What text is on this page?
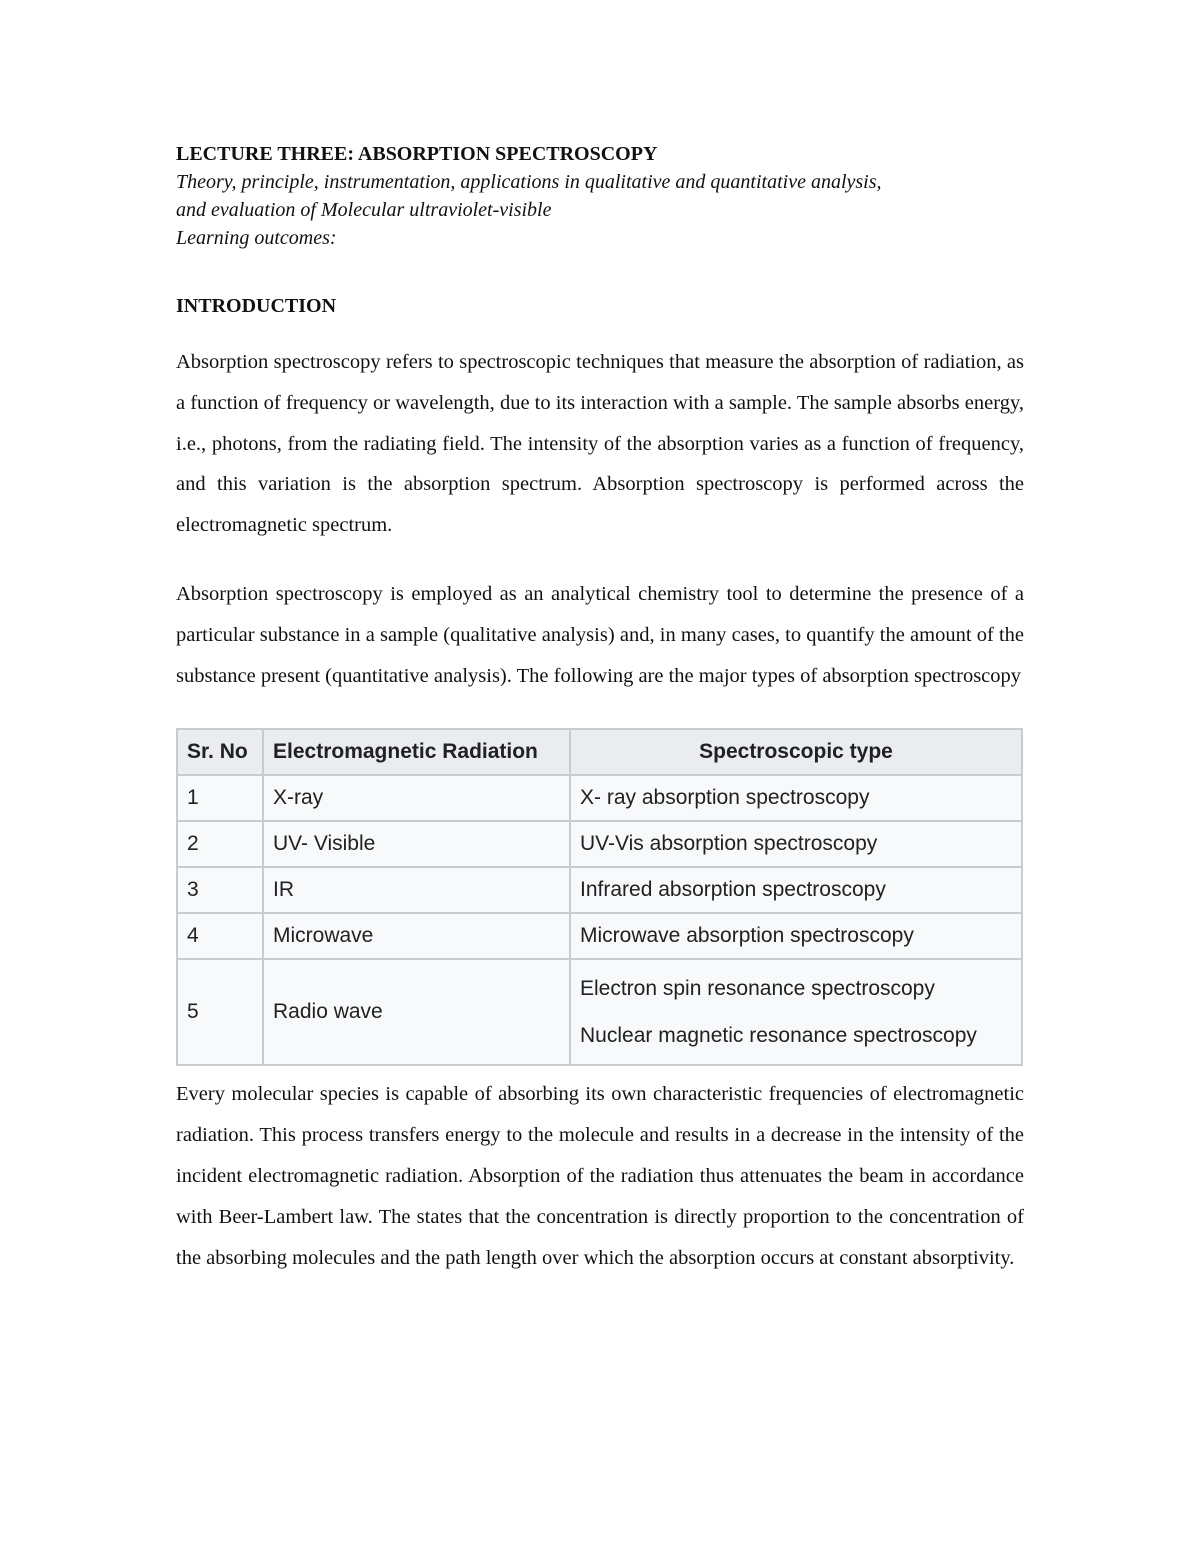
LECTURE THREE: ABSORPTION SPECTROSCOPY

Theory, principle, instrumentation, applications in qualitative and quantitative analysis,

and evaluation of Molecular ultraviolet-visible

Learning outcomes:

INTRODUCTION

Absorption spectroscopy refers to spectroscopic techniques that measure the absorption of radiation, as a function of frequency or wavelength, due to its interaction with a sample. The sample absorbs energy, i.e., photons, from the radiating field. The intensity of the absorption varies as a function of frequency, and this variation is the absorption spectrum. Absorption spectroscopy is performed across the electromagnetic spectrum.

Absorption spectroscopy is employed as an analytical chemistry tool to determine the presence of a particular substance in a sample (qualitative analysis) and, in many cases, to quantify the amount of the substance present (quantitative analysis). The following are the major types of absorption spectroscopy

Sr. No	Electromagnetic Radiation	Spectroscopic type
1	X-ray	X- ray absorption spectroscopy
2	UV- Visible	UV-Vis absorption spectroscopy
3	IR	Infrared absorption spectroscopy
4	Microwave	Microwave absorption spectroscopy
5	Radio wave	Electron spin resonance spectroscopy
Nuclear magnetic resonance spectroscopy

Every molecular species is capable of absorbing its own characteristic frequencies of electromagnetic radiation. This process transfers energy to the molecule and results in a decrease in the intensity of the incident electromagnetic radiation. Absorption of the radiation thus attenuates the beam in accordance with Beer-Lambert law. The states that the concentration is directly proportion to the concentration of the absorbing molecules and the path length over which the absorption occurs at constant absorptivity.
